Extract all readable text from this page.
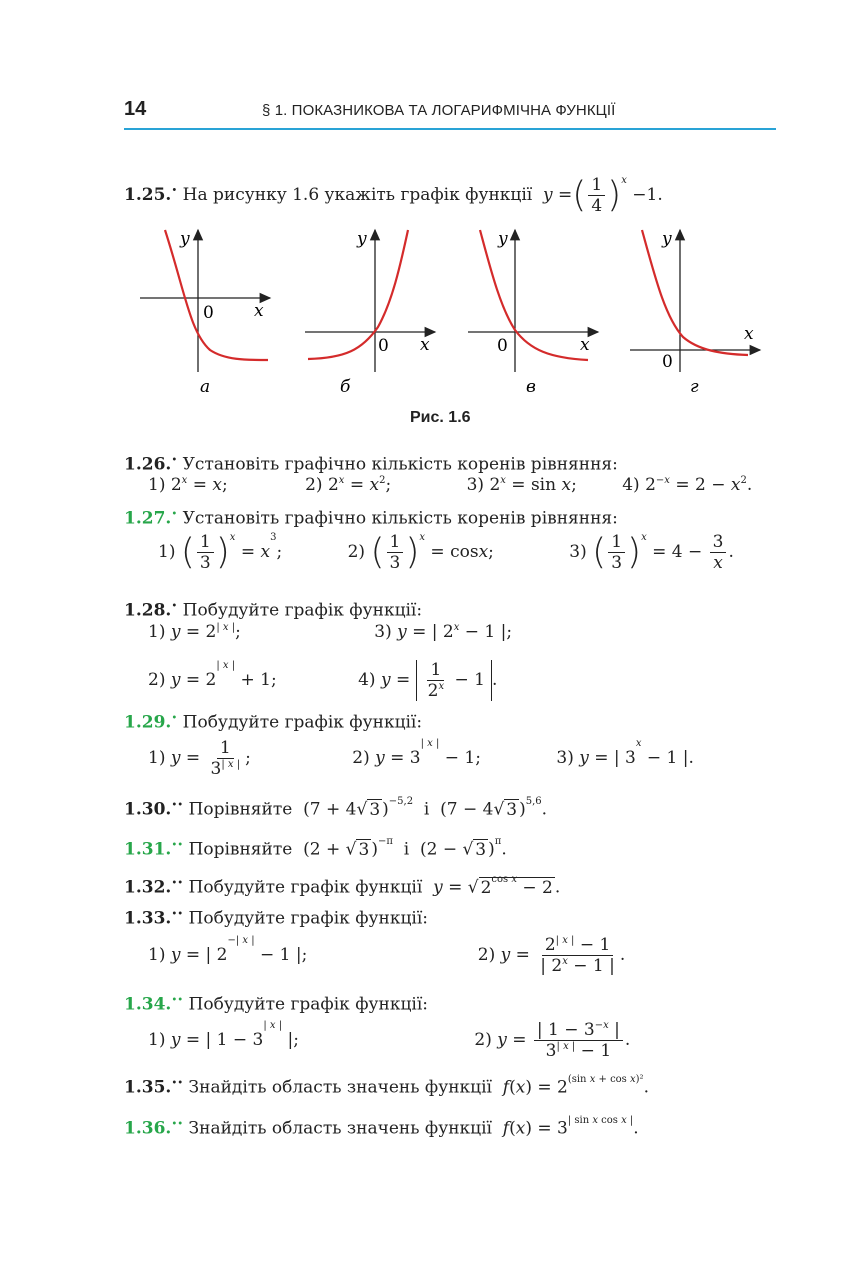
14	§ 1. ПОКАЗНИКОВА ТА ЛОГАРИФМІЧНА ФУНКЦІЇ
1.25.• На рисунку 1.6 укажіть графік функції  y =( $\frac{1}{4} )^x -1$.
y
x
0
а
y
x
0
б
y
x
0
в
y
x
0
г
Рис. 1.6
1.26.• Установіть графічно кількість коренів рівняння:
1) $2^x = x$;	2) $2^x = x^2$;	3) $2^x = \sin x$; 4) $2^{-x} = 2 - x^2$.
1.27.• Установіть графічно кількість коренів рівняння:
1) ( $\frac{1}{3} )^x = x^3$;	2) ( $\frac{1}{3} )^x = \cos x$;	3) ( $\frac{1}{3} )^x = 4 - \frac{3}{x}$ .
1.28.• Побудуйте графік функції:
1) $y = 2^{| x |}$;	3) y = | $2^x - 1$ |;
2) $y = 2^{| x |} + 1$;	4) $y = \frac{1}{2^x} - 1$ .
1.29.• Побудуйте графік функції:
1) $y = \frac{1}{3^{| x |}}$ ;	2) $y = 3^{| x |} - 1$;	3) y = | $3^x - 1$ |.
1.30.•• Порівняйте  (7 + 4√ 3 )$^{-5,2}$ і  (7 − 4√ 3 )$^{5,6}$.
1.31.•• Порівняйте  (2 + √ 3 )$^{-\pi}$ і  (2 − √ 3 )$^\pi$.
1.32.•• Побудуйте графік функції y = √ $2^{cos x} - 2$ .
1.33.•• Побудуйте графік функції:
1) y = | $2^{-| x |} - 1$ |;	2) $y = \frac{2^{| x |} - 1}{| 2^x - 1 |}$ .
1.34.•• Побудуйте графік функції:
1) y = | $1 - 3^{| x |}$ |;	2) $y = \frac{| 1 - 3^{-x} |}{3^{| x |} - 1}$ .
1.35.•• Знайдіть область значень функції $f(x) = 2^{(sin x + cos x)^2}$.
1.36.•• Знайдіть область значень функції $f(x) = 3^{| sin x cos x |}$.
